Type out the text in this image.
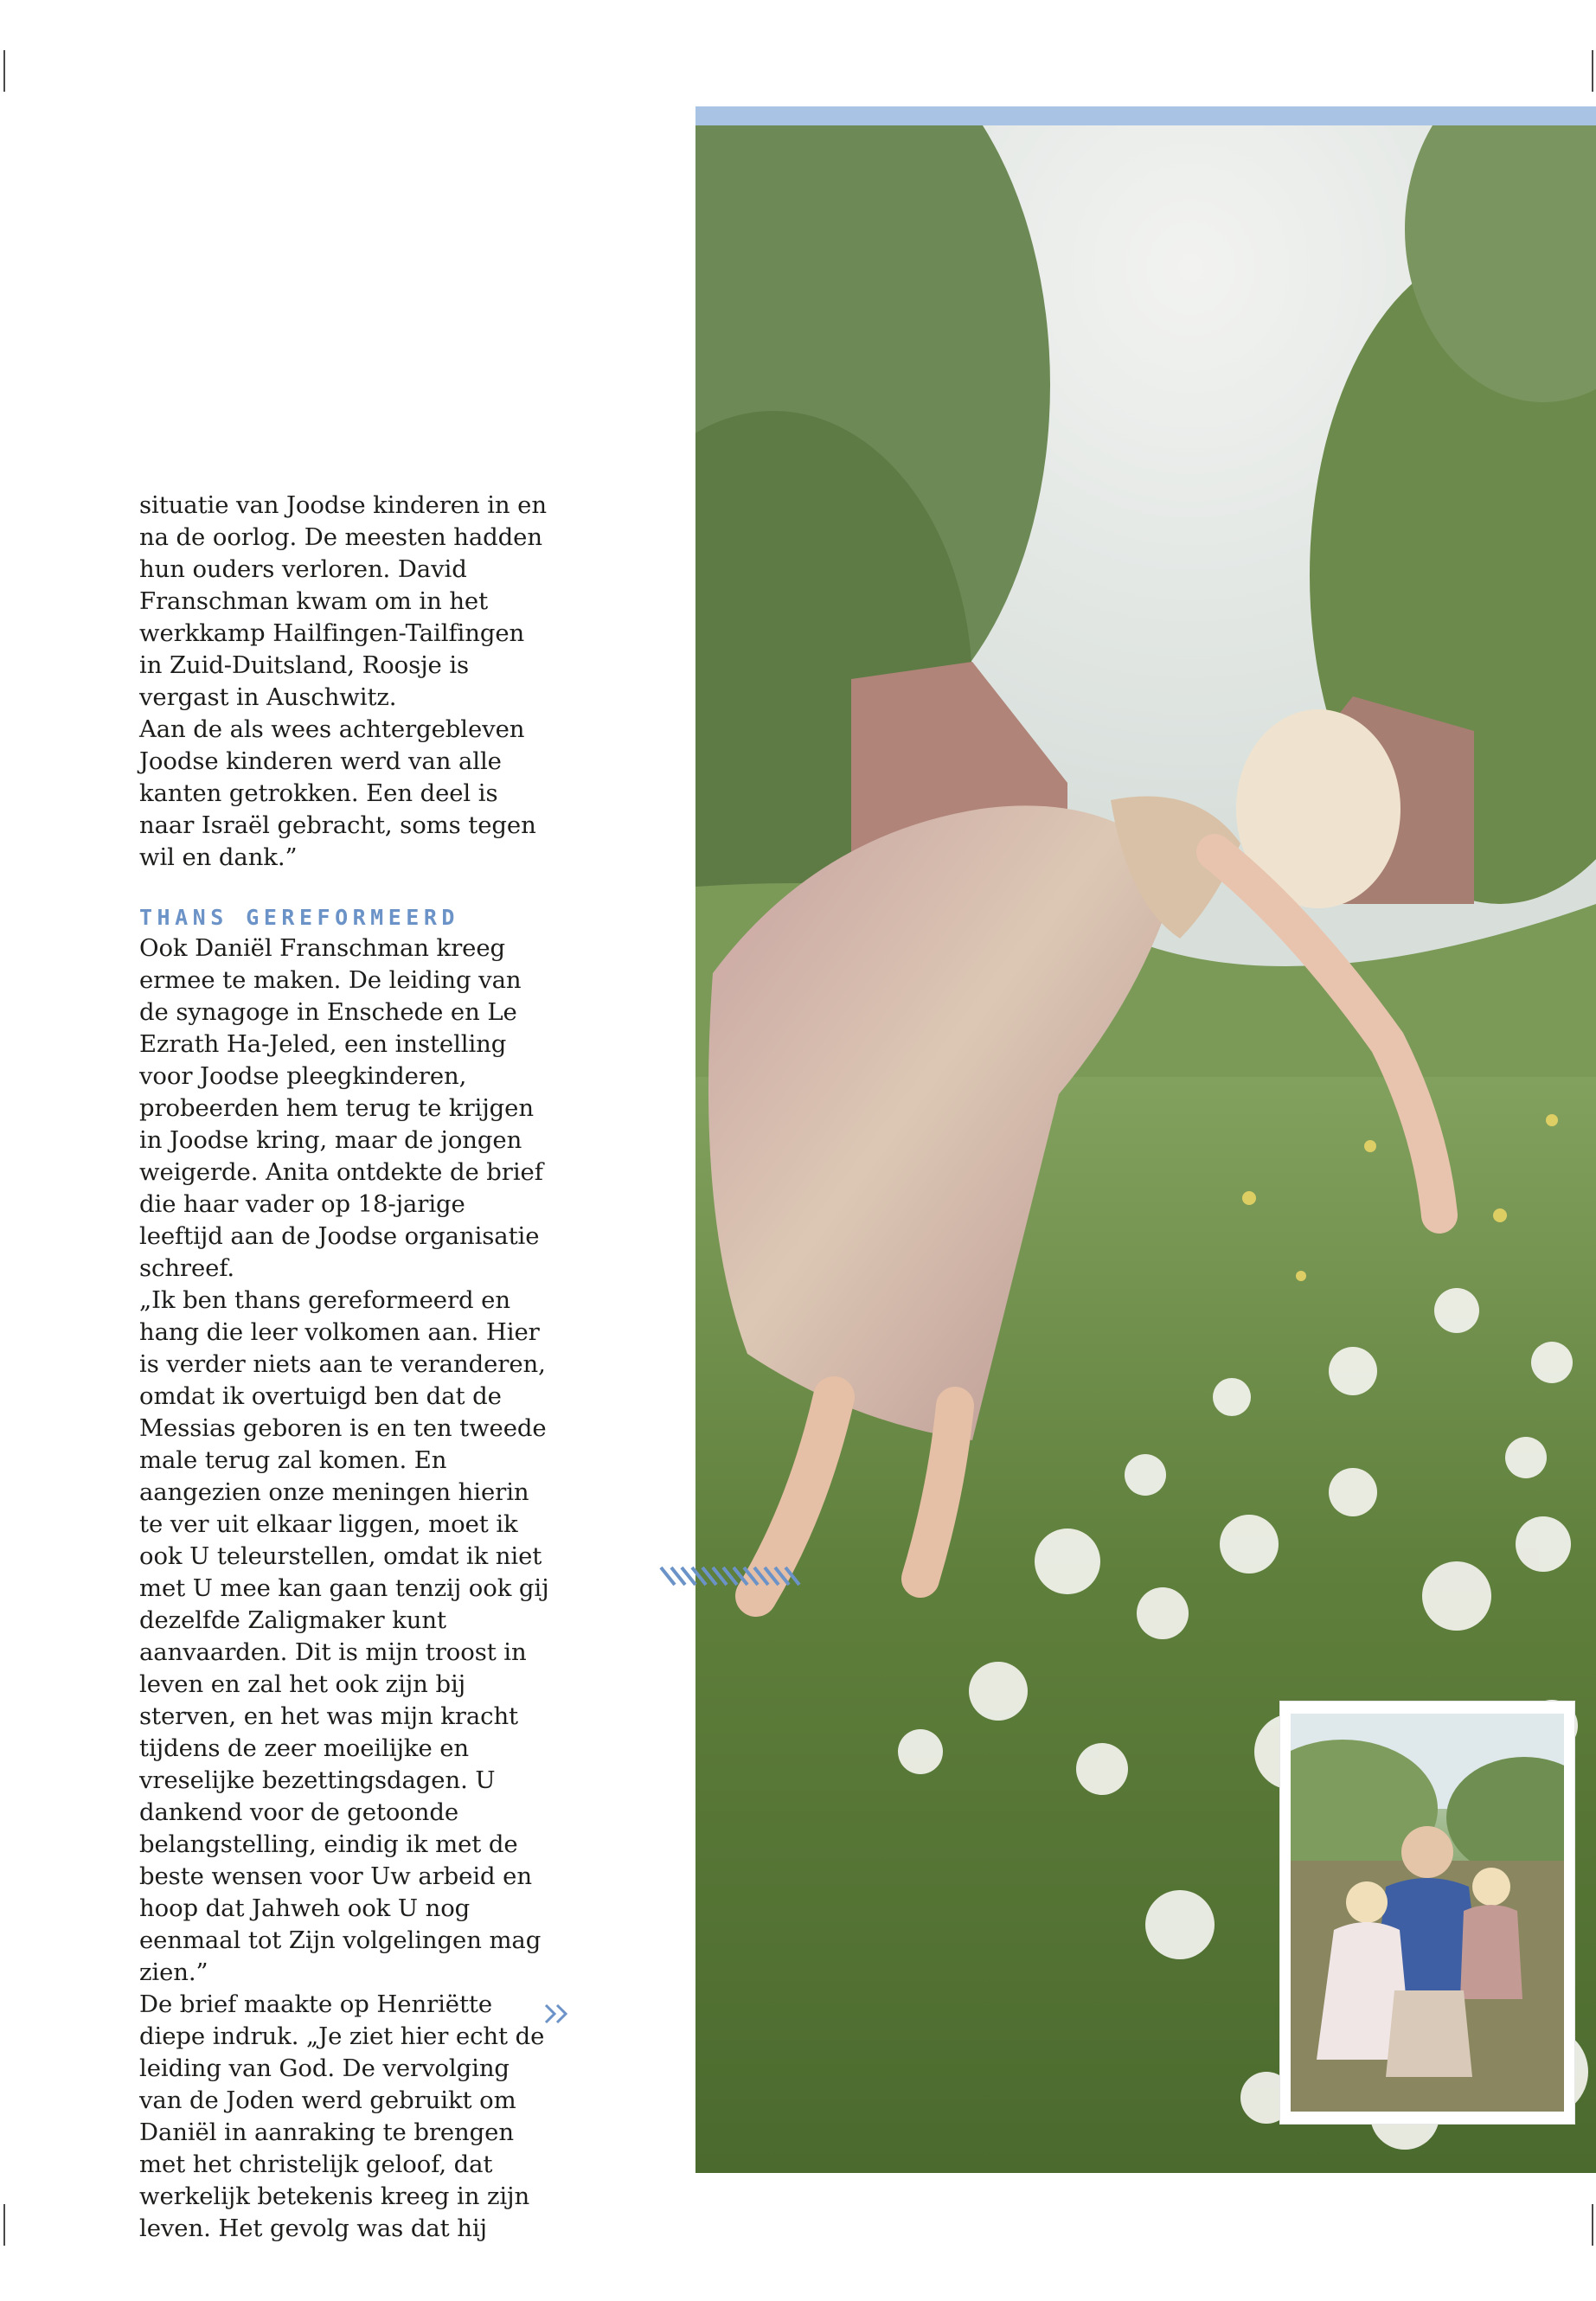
situatie van Joodse kinderen in en na de oorlog. De meesten hadden hun ouders verloren. David Franschman kwam om in het werkkamp Hailfingen-Tailfingen in Zuid-Duitsland, Roosje is vergast in Auschwitz.

Aan de als wees achtergebleven Joodse kinderen werd van alle kanten getrokken. Een deel is naar Israël gebracht, soms tegen wil en dank.”

THANS GEREFORMEERD

Ook Daniël Franschman kreeg ermee te maken. De leiding van de synagoge in Enschede en Le Ezrath Ha-Jeled, een instelling voor Joodse pleegkinderen, probeerden hem terug te krijgen in Joodse kring, maar de jongen weigerde. Anita ontdekte de brief die haar vader op 18-jarige leeftijd aan de Joodse organisatie schreef.

„Ik ben thans gereformeerd en hang die leer volkomen aan. Hier is verder niets aan te veranderen, omdat ik overtuigd ben dat de Messias geboren is en ten tweede male terug zal komen. En aangezien onze meningen hierin te ver uit elkaar liggen, moet ik ook U teleurstellen, omdat ik niet met U mee kan gaan tenzij ook gij dezelfde Zaligmaker kunt aanvaarden. Dit is mijn troost in leven en zal het ook zijn bij sterven, en het was mijn kracht tijdens de zeer moeilijke en vreselijke bezettingsdagen. U dankend voor de getoonde belangstelling, eindig ik met de beste wensen voor Uw arbeid en hoop dat Jahweh ook U nog eenmaal tot Zijn volgelingen mag zien.”

De brief maakte op Henriëtte diepe indruk. „Je ziet hier echt de leiding van God. De vervolging van de Joden werd gebruikt om Daniël in aanraking te brengen met het christelijk geloof, dat werkelijk betekenis kreeg in zijn leven. Het gevolg was dat hij
